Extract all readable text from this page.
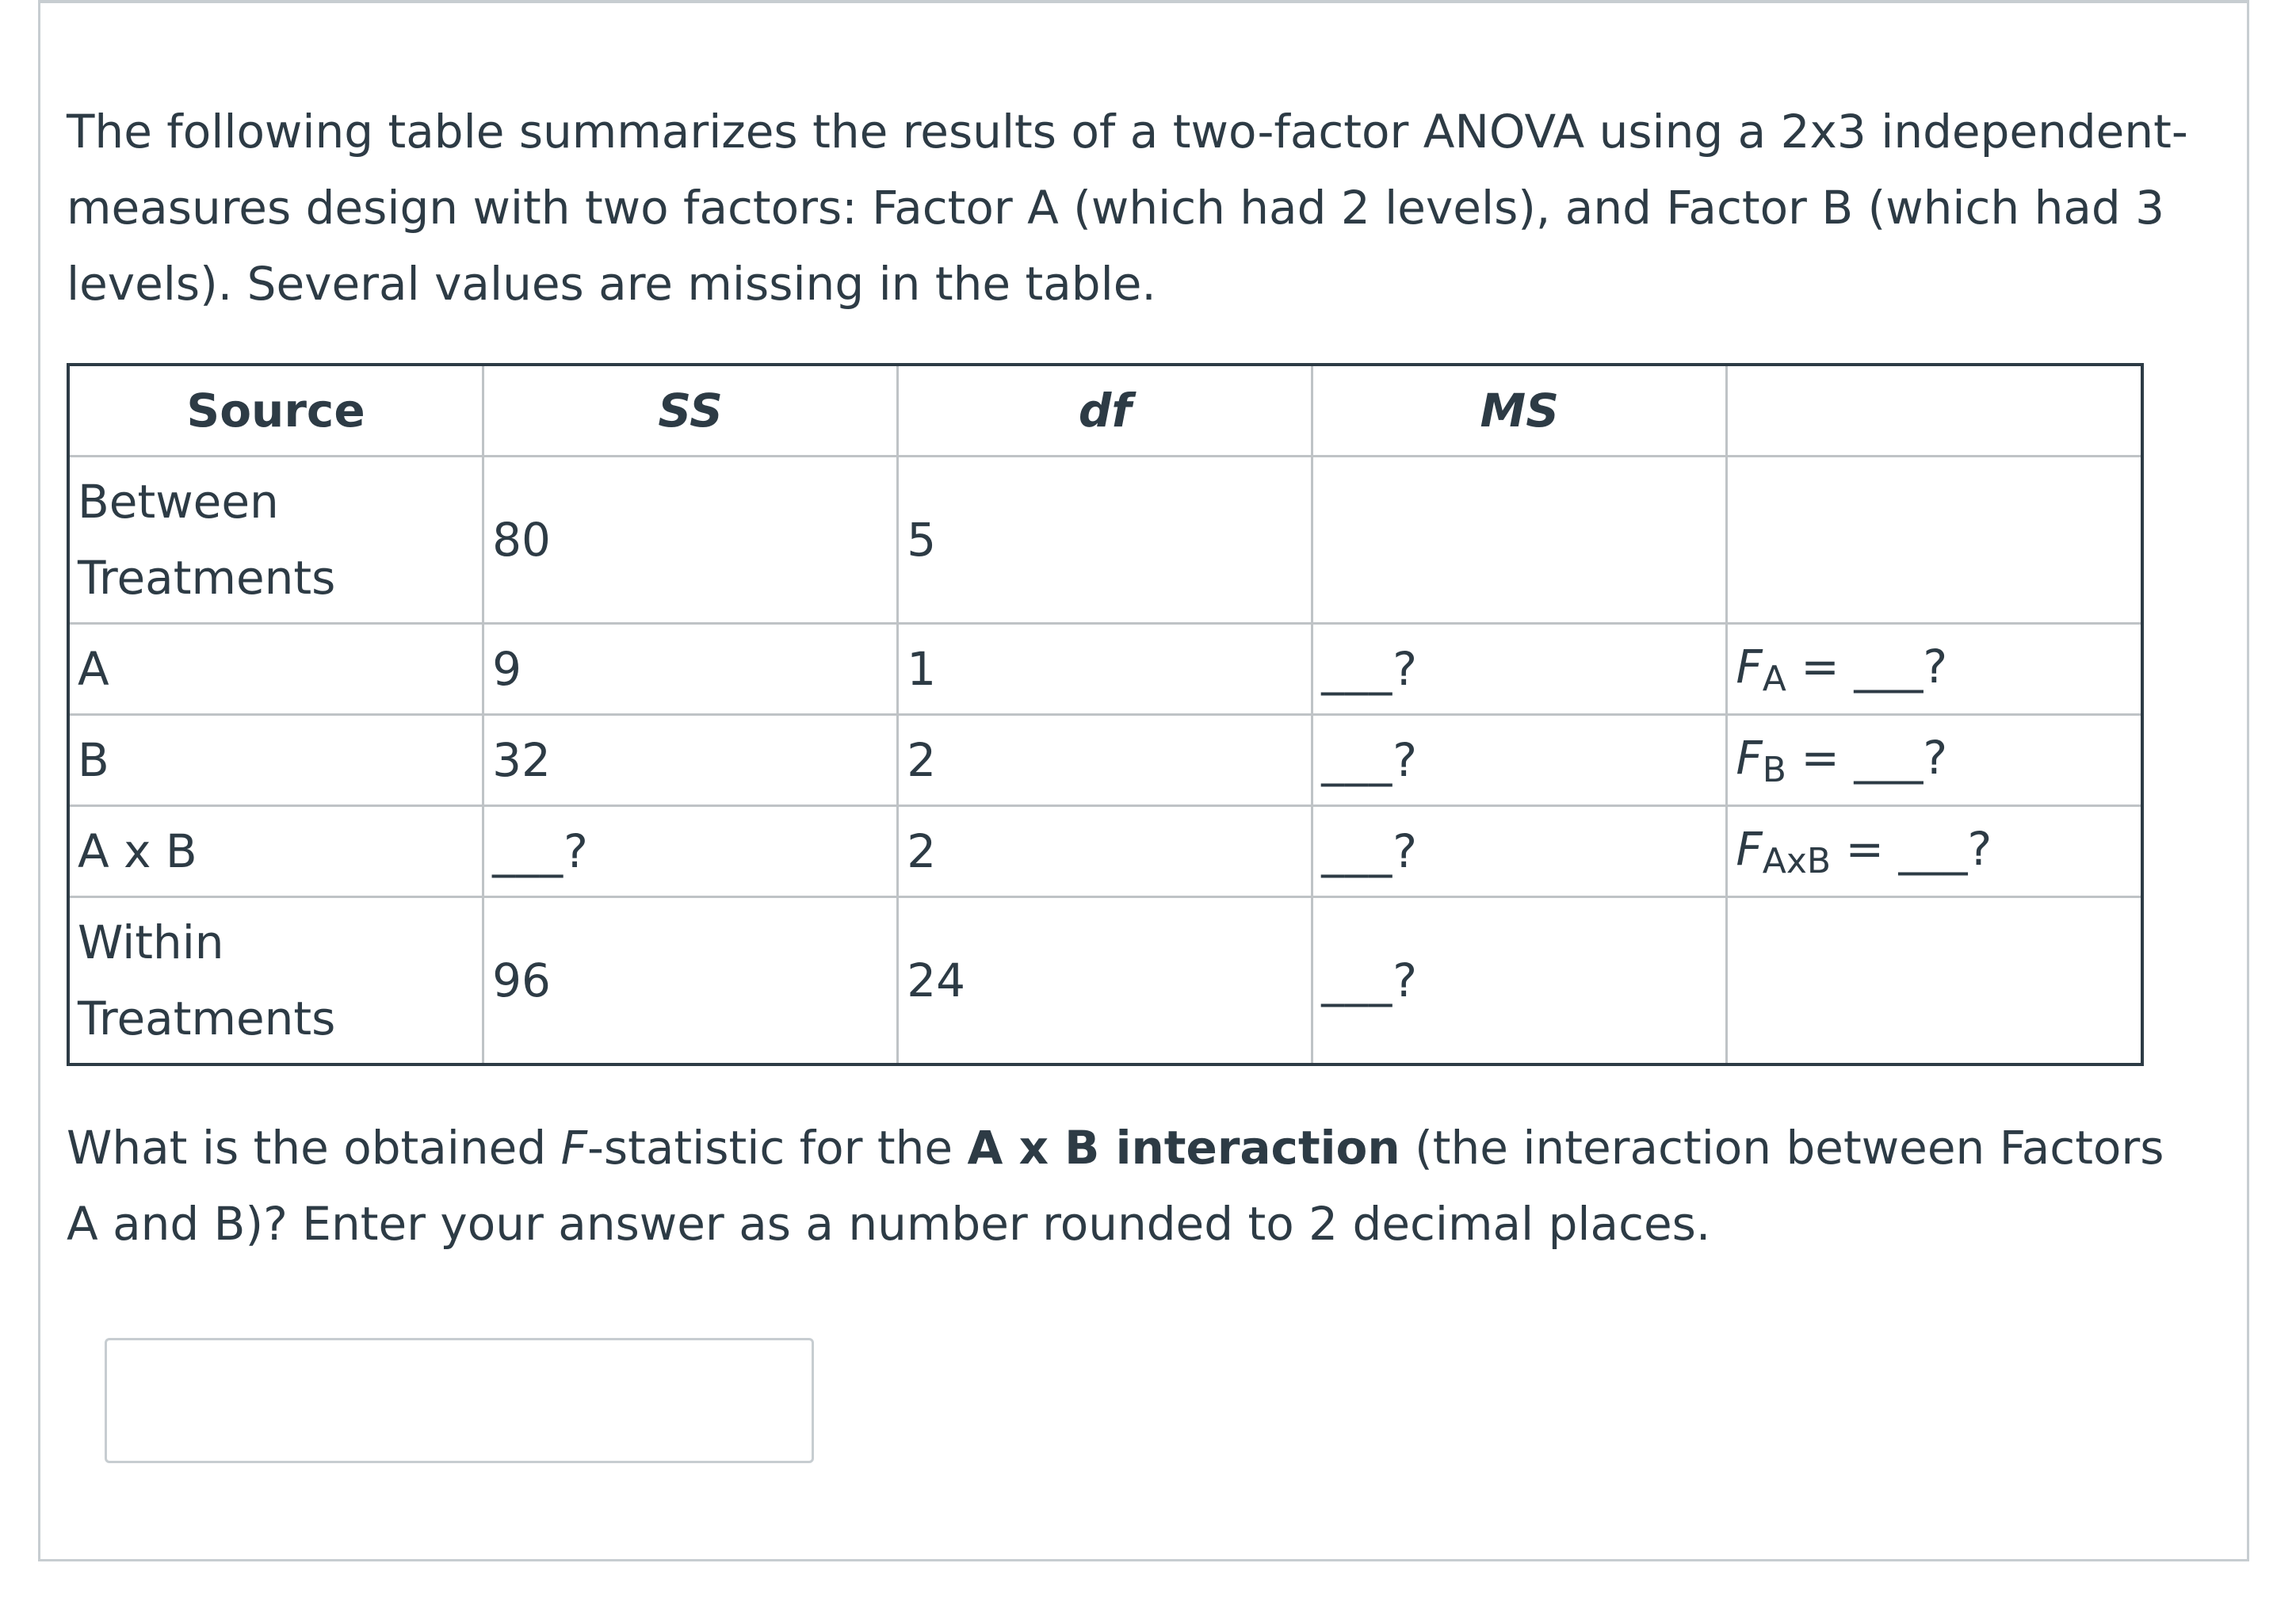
The following table summarizes the results of a two-factor ANOVA using a 2x3 independent-measures design with two factors: Factor A (which had 2 levels), and Factor B (which had 3 levels). Several values are missing in the table.

Source	SS	df	MS	
Between
Treatments	80	5		
A	9	1	___?	$F_A$ = ___?
B	32	2	___?	$F_B$ = ___?
A x B	___?	2	___?	$F_{AxB}$ = ___?
Within
Treatments	96	24	___?	

What is the obtained F-statistic for the A x B interaction (the interaction between Factors A and B)? Enter your answer as a number rounded to 2 decimal places.
